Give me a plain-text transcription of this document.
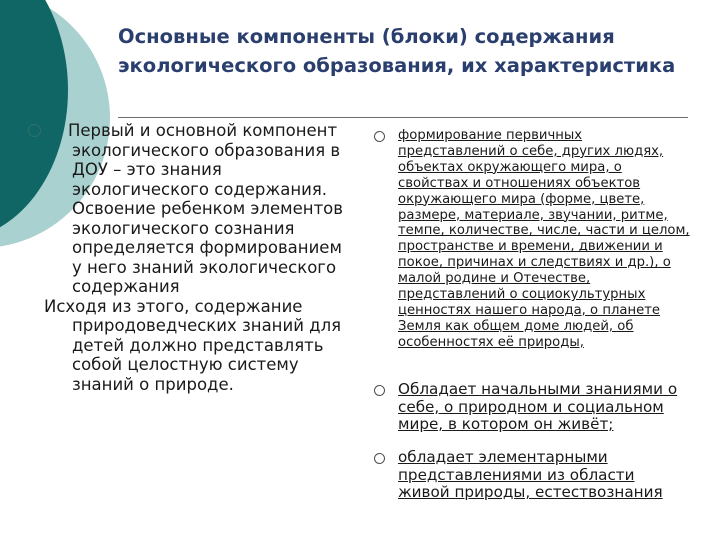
Основные компоненты (блоки) содержания экологического образования, их характеристика
Первый и основной компонент экологического образования в ДОУ – это знания экологического содержания. Освоение ребенком элементов экологического сознания определяется формированием у него знаний экологического содержания
Исходя из этого, содержание природоведческих знаний для детей должно представлять собой целостную систему знаний о природе.
формирование первичных представлений о себе, других людях, объектах окружающего мира, о свойствах и отношениях объектов окружающего мира (форме, цвете, размере, материале, звучании, ритме, темпе, количестве, числе, части и целом, пространстве и времени, движении и покое, причинах и следствиях и др.), о малой родине и Отечестве, представлений о социокультурных ценностях нашего народа, о планете Земля как общем доме людей, об особенностях её природы,
Обладает начальными знаниями о себе, о природном и социальном мире, в котором он живёт;
обладает элементарными представлениями из области живой природы, естествознания
